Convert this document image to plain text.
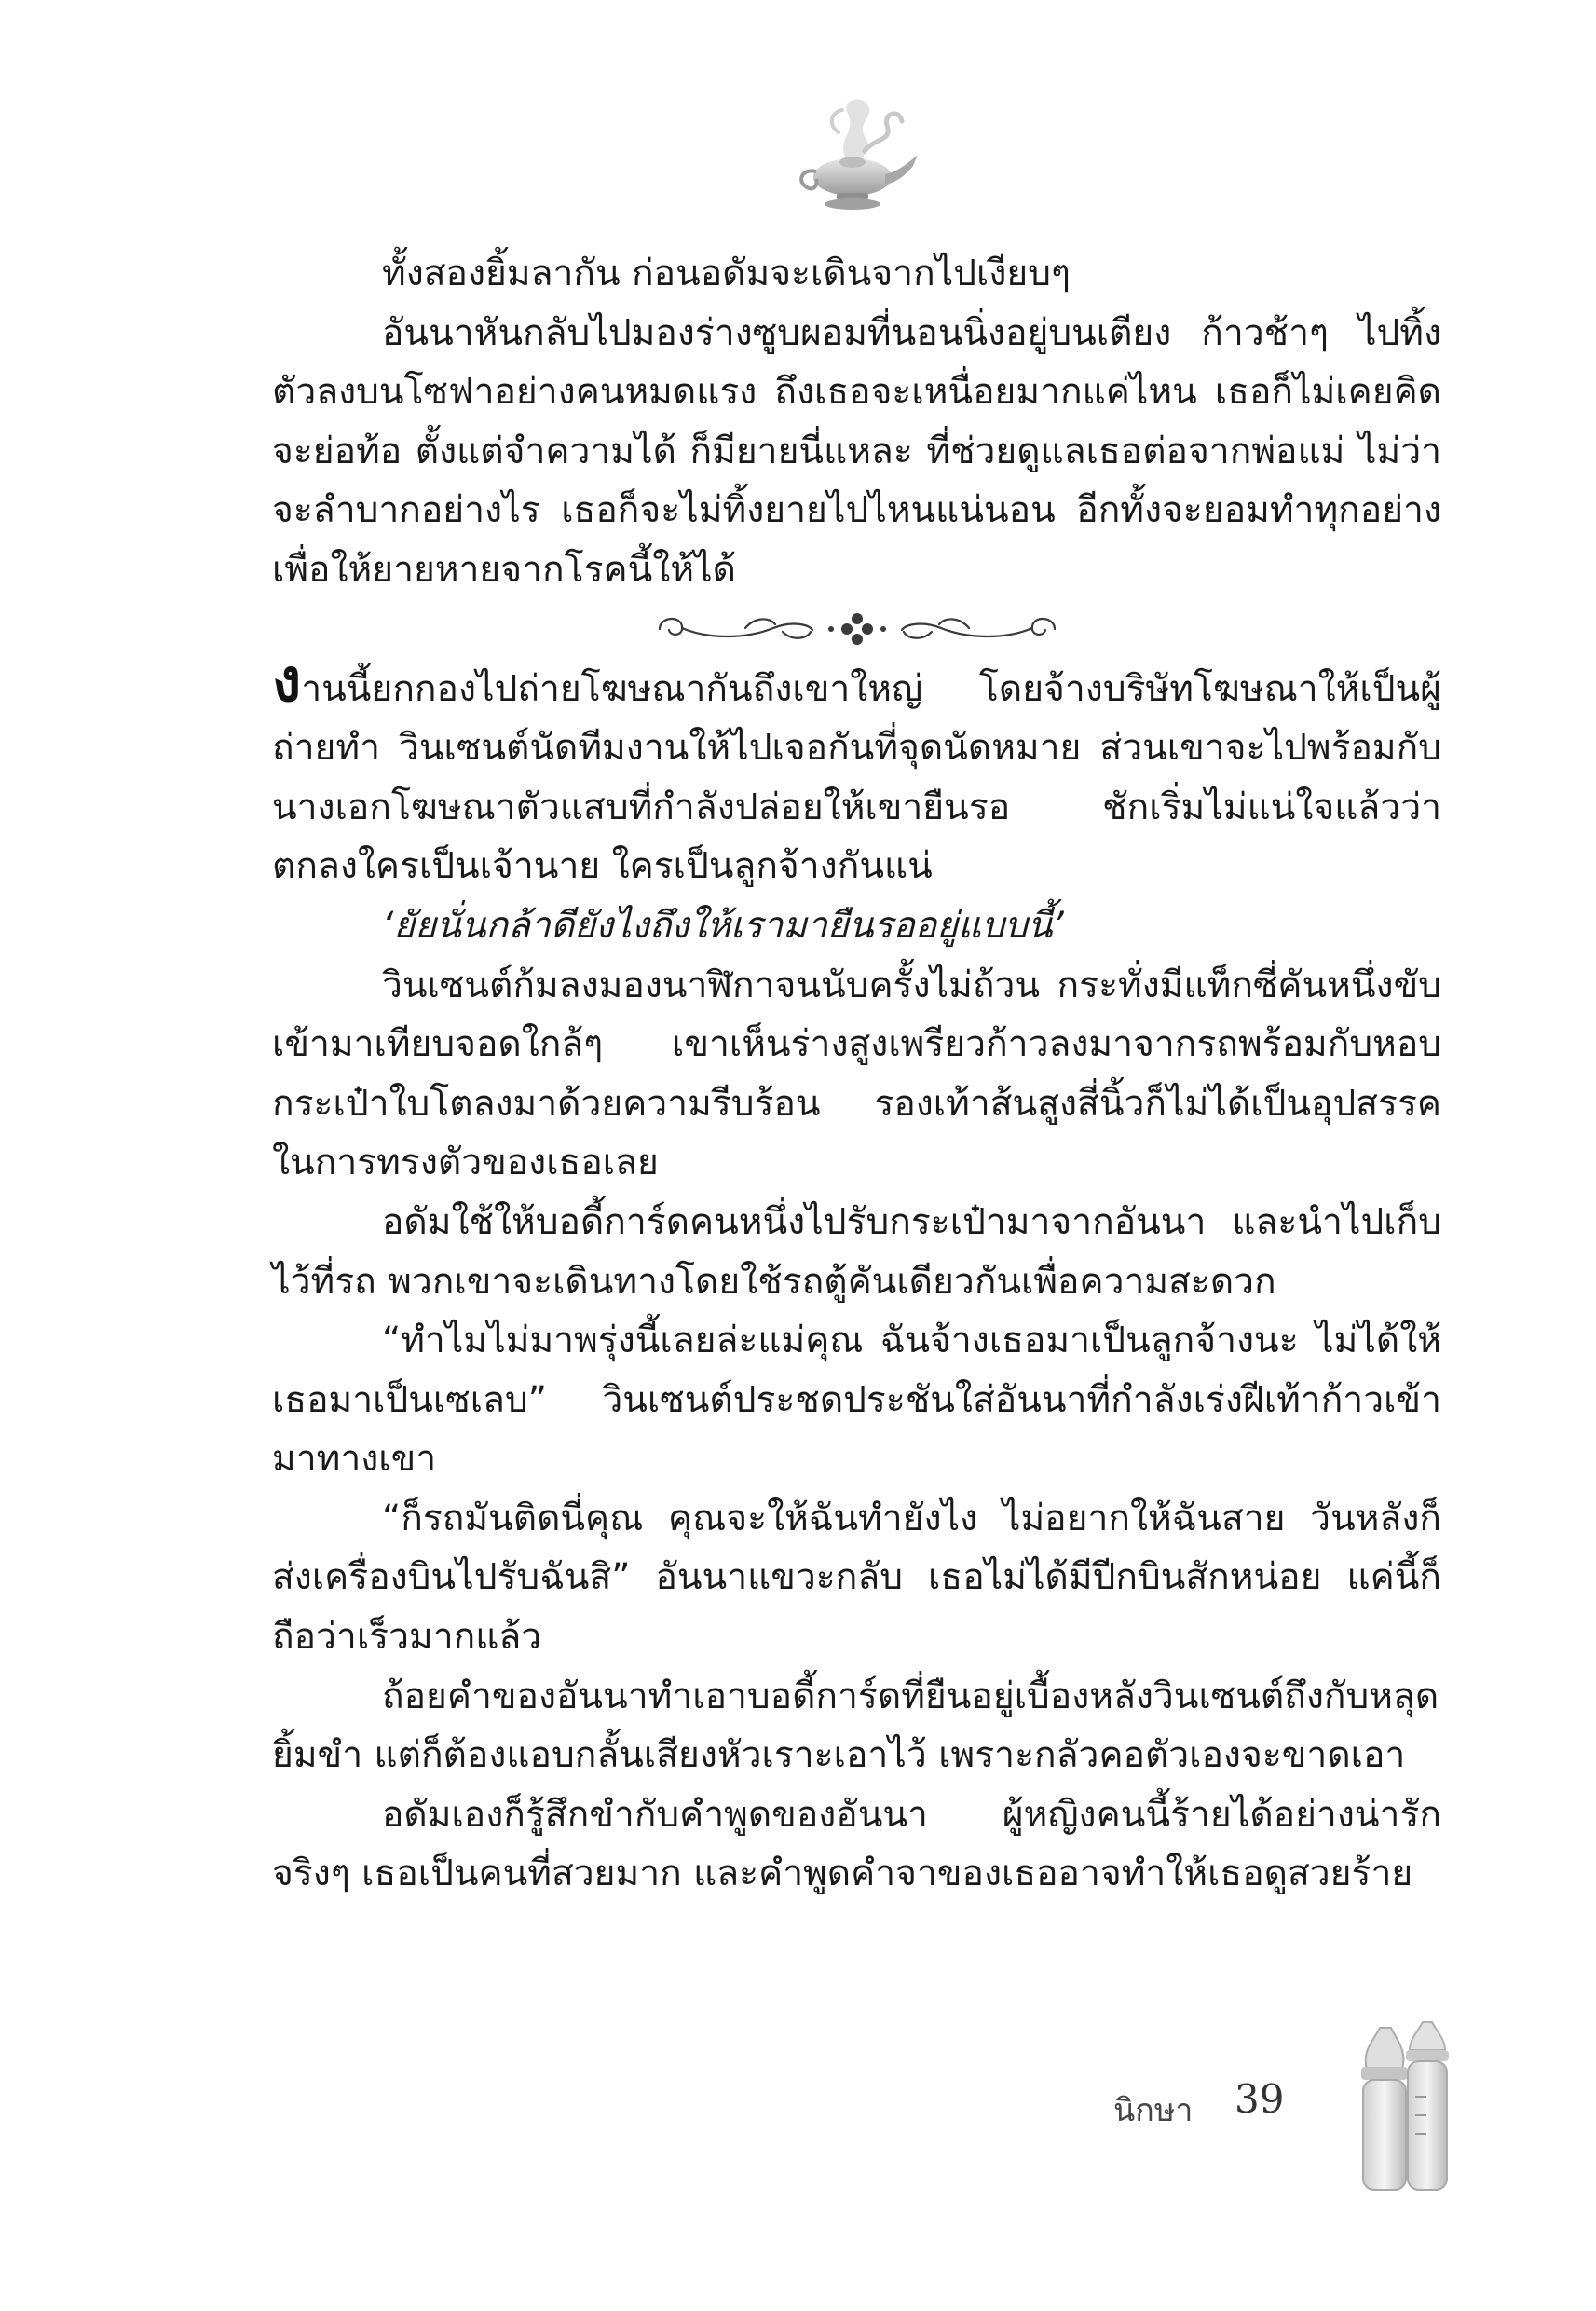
ทั้งสองยิ้มลากัน ก่อนอดัมจะเดินจากไปเงียบๆ

อันนาหันกลับไปมองร่างซูบผอมที่นอนนิ่งอยู่บนเตียง ก้าวช้าๆ ไปทิ้งตัวลงบนโซฟาอย่างคนหมดแรง ถึงเธอจะเหนื่อยมากแค่ไหน เธอก็ไม่เคยคิดจะย่อท้อ ตั้งแต่จำความได้ ก็มียายนี่แหละ ที่ช่วยดูแลเธอต่อจากพ่อแม่ ไม่ว่าจะลำบากอย่างไร เธอก็จะไม่ทิ้งยายไปไหนแน่นอน อีกทั้งจะยอมทำทุกอย่างเพื่อให้ยายหายจากโรคนี้ให้ได้

งานนี้ยกกองไปถ่ายโฆษณากันถึงเขาใหญ่ โดยจ้างบริษัทโฆษณาให้เป็นผู้ถ่ายทำ วินเซนต์นัดทีมงานให้ไปเจอกันที่จุดนัดหมาย ส่วนเขาจะไปพร้อมกับนางเอกโฆษณาตัวแสบที่กำลังปล่อยให้เขายืนรอ ชักเริ่มไม่แน่ใจแล้วว่าตกลงใครเป็นเจ้านาย ใครเป็นลูกจ้างกันแน่

‘ยัยนั่นกล้าดียังไงถึงให้เรามายืนรออยู่แบบนี้’

วินเซนต์ก้มลงมองนาฬิกาจนนับครั้งไม่ถ้วน กระทั่งมีแท็กซี่คันหนึ่งขับเข้ามาเทียบจอดใกล้ๆ เขาเห็นร่างสูงเพรียวก้าวลงมาจากรถพร้อมกับหอบกระเป๋าใบโตลงมาด้วยความรีบร้อน รองเท้าส้นสูงสี่นิ้วก็ไม่ได้เป็นอุปสรรคในการทรงตัวของเธอเลย

อดัมใช้ให้บอดี้การ์ดคนหนึ่งไปรับกระเป๋ามาจากอันนา และนำไปเก็บไว้ที่รถ พวกเขาจะเดินทางโดยใช้รถตู้คันเดียวกันเพื่อความสะดวก

“ทำไมไม่มาพรุ่งนี้เลยล่ะแม่คุณ ฉันจ้างเธอมาเป็นลูกจ้างนะ ไม่ได้ให้เธอมาเป็นเซเลบ” วินเซนต์ประชดประชันใส่อันนาที่กำลังเร่งฝีเท้าก้าวเข้ามาทางเขา

“ก็รถมันติดนี่คุณ คุณจะให้ฉันทำยังไง ไม่อยากให้ฉันสาย วันหลังก็ส่งเครื่องบินไปรับฉันสิ” อันนาแขวะกลับ เธอไม่ได้มีปีกบินสักหน่อย แค่นี้ก็ถือว่าเร็วมากแล้ว

ถ้อยคำของอันนาทำเอาบอดี้การ์ดที่ยืนอยู่เบื้องหลังวินเซนต์ถึงกับหลุดยิ้มขำ แต่ก็ต้องแอบกลั้นเสียงหัวเราะเอาไว้ เพราะกลัวคอตัวเองจะขาดเอา

อดัมเองก็รู้สึกขำกับคำพูดของอันนา ผู้หญิงคนนี้ร้ายได้อย่างน่ารักจริงๆ เธอเป็นคนที่สวยมาก และคำพูดคำจาของเธออาจทำให้เธอดูสวยร้าย

นิกษา 39
